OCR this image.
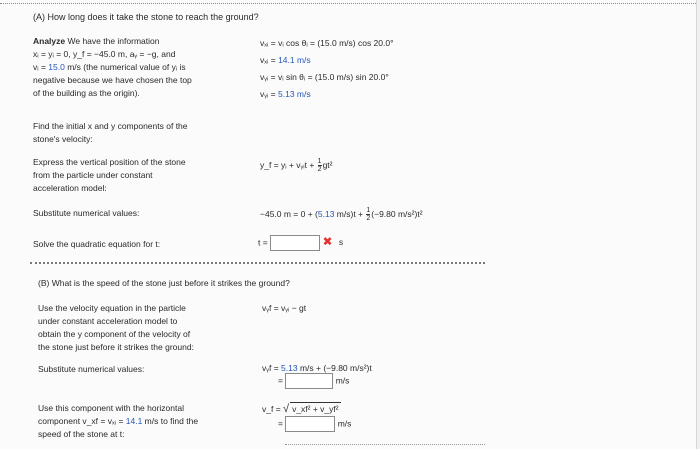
(A) How long does it take the stone to reach the ground?
Analyze We have the information
xᵢ = yᵢ = 0, y_f = −45.0 m, aᵧ = −g, and
vᵢ = 15.0 m/s (the numerical value of yᵢ is
negative because we have chosen the top
of the building as the origin).
vₓᵢ = vᵢ cos θᵢ = (15.0 m/s) cos 20.0°
vₓᵢ = 14.1 m/s
vᵧᵢ = vᵢ sin θᵢ = (15.0 m/s) sin 20.0°
vᵧᵢ = 5.13 m/s
Find the initial x and y components of the
stone's velocity:
Express the vertical position of the stone
from the particle under constant
acceleration model:
y_f = yᵢ + vᵧᵢt + $\frac{1}{2} gt^2$
Substitute numerical values:	−45.0 m = 0 + (5.13 $m/s)t + \frac{1}{2} (-9.80$ m/s²)t²
Solve the quadratic equation for t:	t =	✖ s
(B) What is the speed of the stone just before it strikes the ground?
Use the velocity equation in the particle
under constant acceleration model to
obtain the y component of the velocity of
the stone just before it strikes the ground:
vᵧf = vᵧᵢ − gt
Substitute numerical values:	vᵧf = 5.13 m/s + (−9.80 m/s²)t
=	m/s
Use this component with the horizontal
component v_xf = vₓᵢ = 14.1 m/s to find the
speed of the stone at t:
v_f = √ v_xf² + v_yf²
=	m/s
